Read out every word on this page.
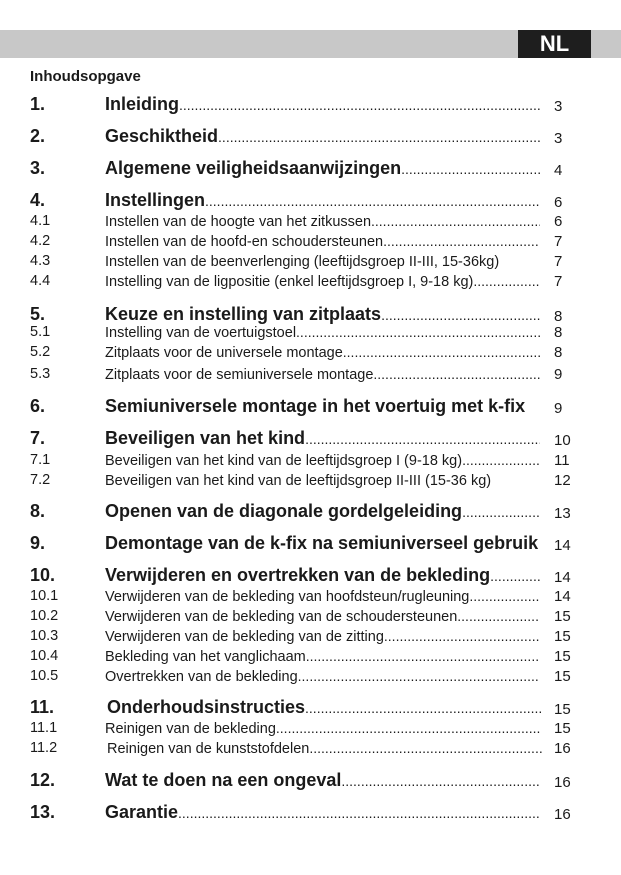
NL
Inhoudsopgave
1.	Inleiding .....	3
2.	Geschiktheid .....	3
3.	Algemene veiligheidsaanwijzingen .....	4
4.	Instellingen .....	6
4.1	Instellen van de hoogte van het zitkussen .....	6
4.2	Instellen van de hoofd-en schoudersteunen .....	7
4.3	Instellen van de beenverlenging (leeftijdsgroep II-III, 15-36kg)	7
4.4	Instelling van de ligpositie (enkel leeftijdsgroep I, 9-18 kg) .....	7
5.	Keuze en instelling van zitplaats .....	8
5.1	Instelling van de voertuigstoel .....	8
5.2	Zitplaats voor de universele montage .....	8
5.3	Zitplaats voor de semiuniversele montage .....	9
6.	Semiuniversele montage in het voertuig met k-fix	9
7.	Beveiligen van het kind .....	10
7.1	Beveiligen van het kind van de leeftijdsgroep I (9-18 kg) .....	11
7.2	Beveiligen van het kind van de leeftijdsgroep II-III (15-36 kg)	12
8.	Openen van de diagonale gordelgeleiding .....	13
9.	Demontage van de k-fix na semiuniverseel gebruik	14
10.	Verwijderen en overtrekken van de bekleding .....	14
10.1	Verwijderen van de bekleding van hoofdsteun/rugleuning .....	14
10.2	Verwijderen van de bekleding van de schoudersteunen .....	15
10.3	Verwijderen van de bekleding van de zitting .....	15
10.4	Bekleding van het vanglichaam .....	15
10.5	Overtrekken van de bekleding .....	15
11.	Onderhoudsinstructies .....	15
11.1	Reinigen van de bekleding .....	15
11.2	Reinigen van de kunststofdelen .....	16
12.	Wat te doen na een ongeval .....	16
13.	Garantie .....	16
